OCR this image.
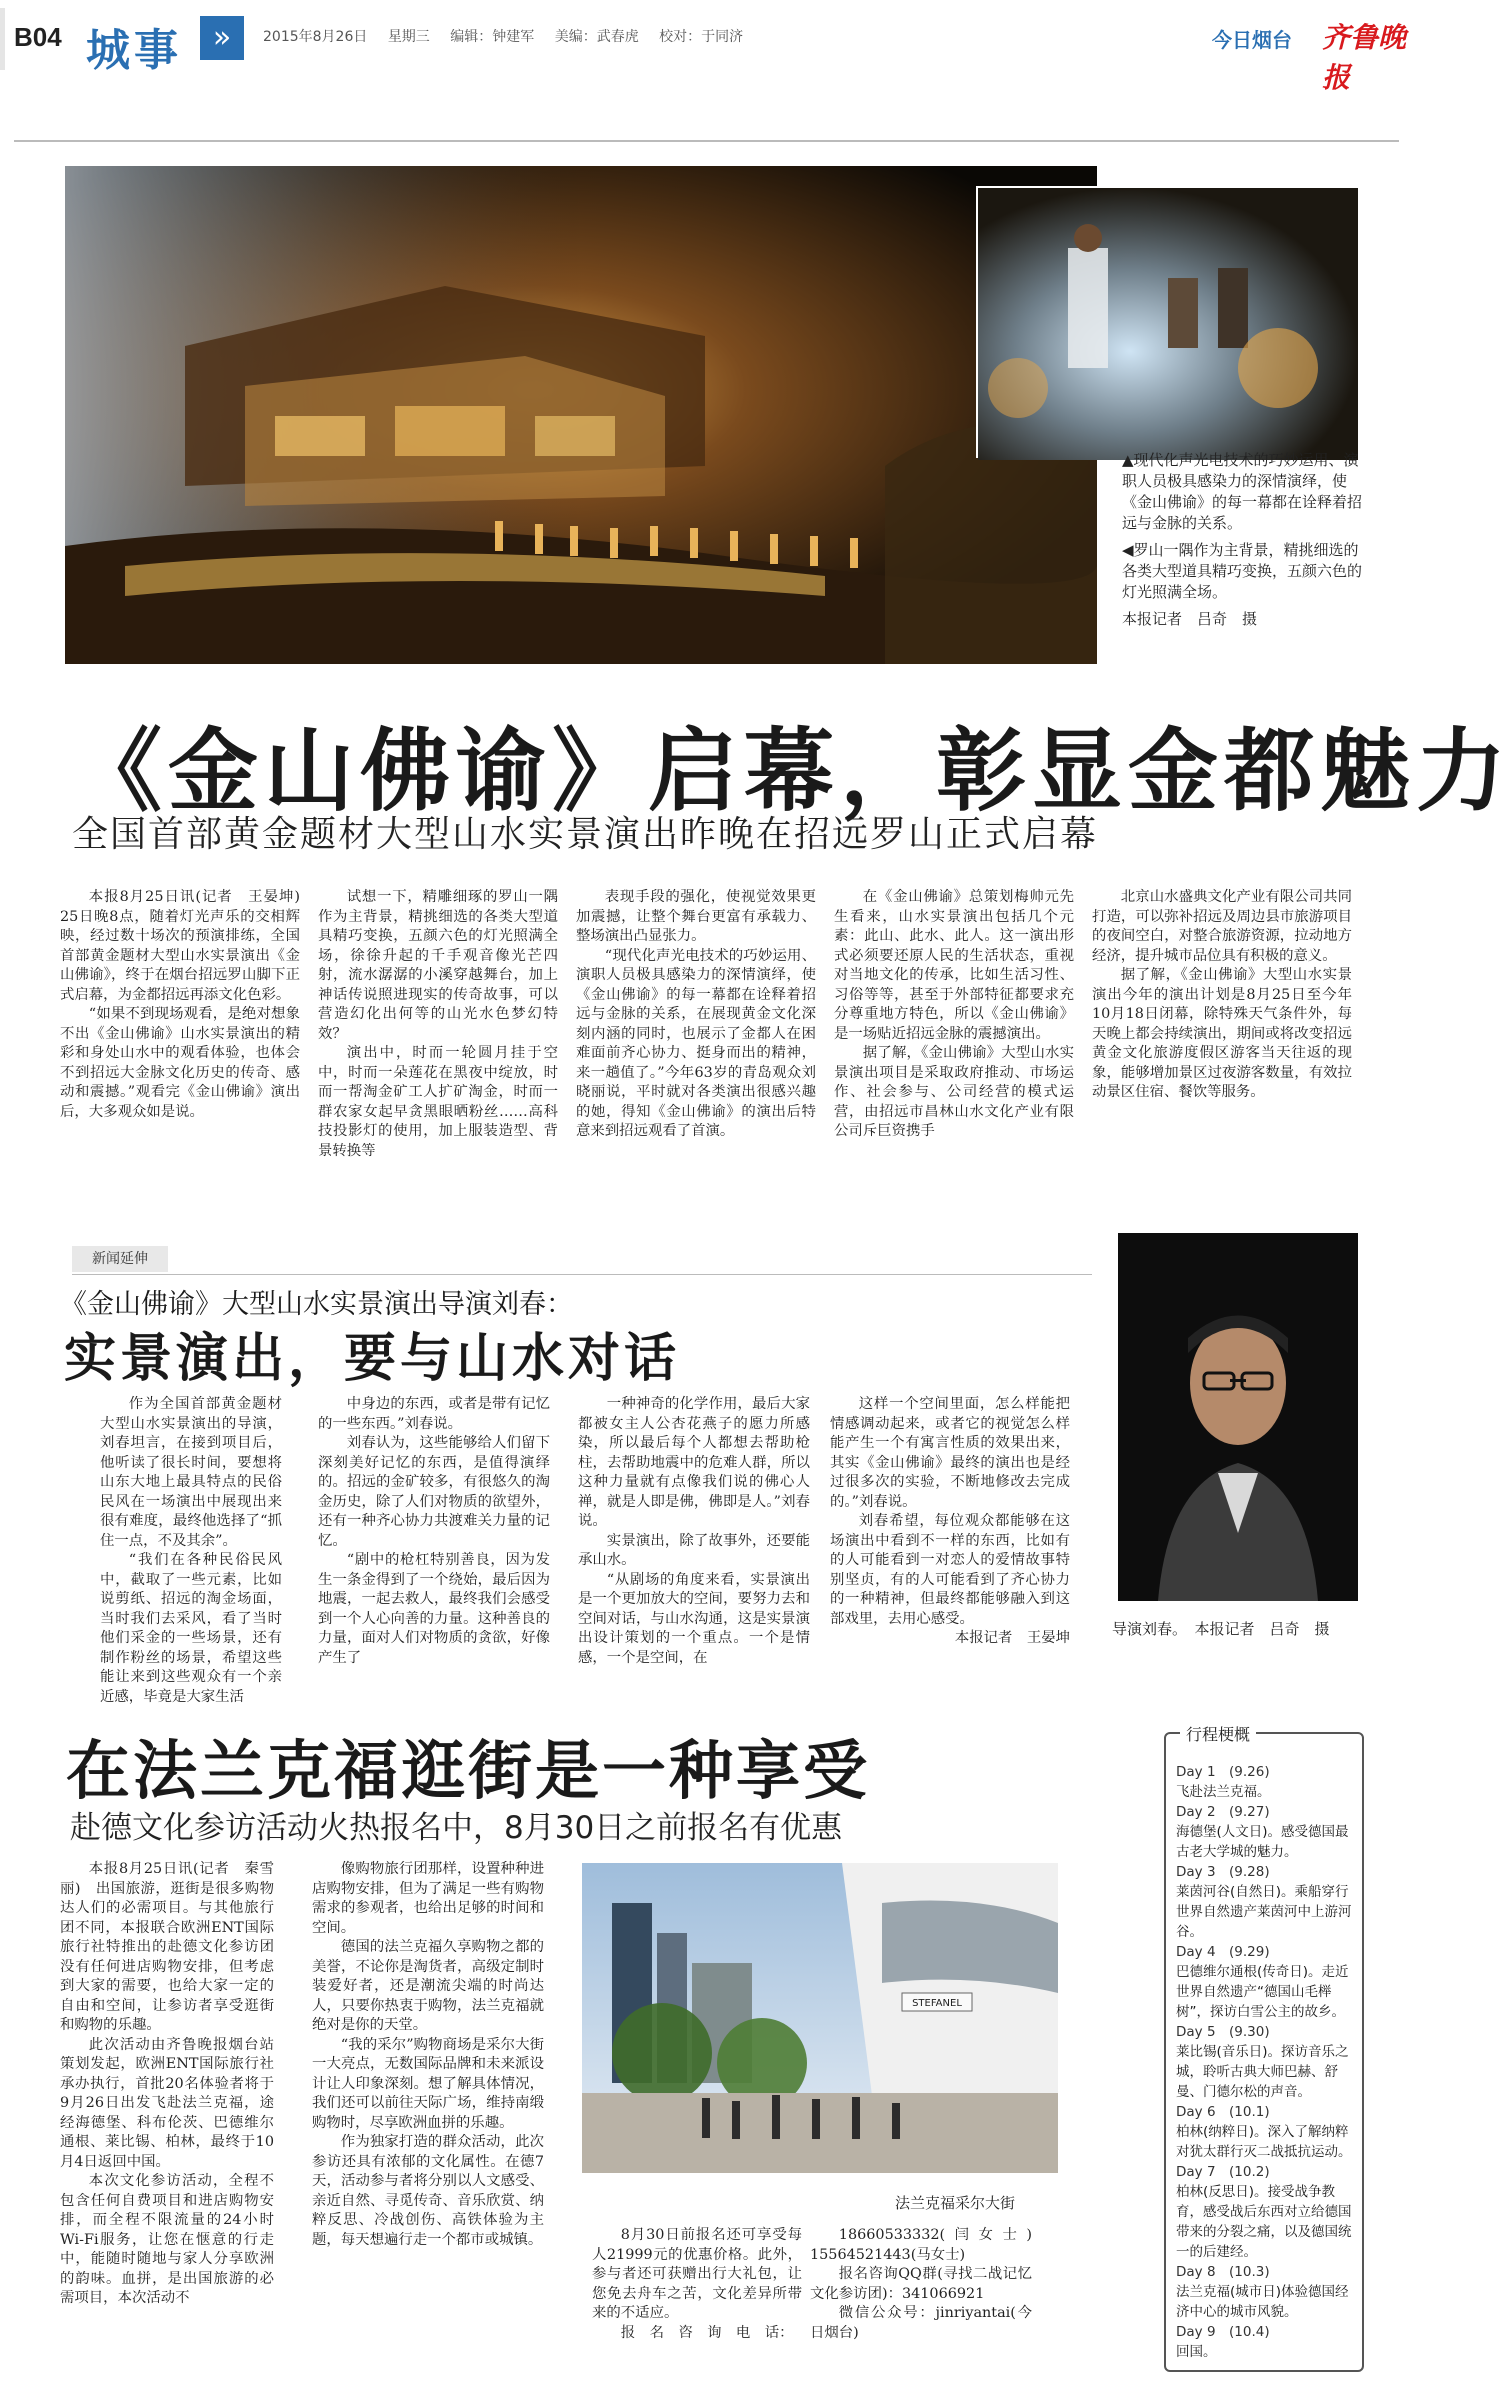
B04 城事	»	2015年8月26日 星期三 编辑：钟建军 美编：武春虎 校对：于同济	今日烟台 齐鲁晚报

▲现代化声光电技术的巧妙运用、演职人员极具感染力的深情演绎，使《金山佛谕》的每一幕都在诠释着招远与金脉的关系。

◀罗山一隅作为主背景，精挑细选的各类大型道具精巧变换，五颜六色的灯光照满全场。

本报记者　吕奇　摄

《金山佛谕》启幕，彰显金都魅力
全国首部黄金题材大型山水实景演出昨晚在招远罗山正式启幕

本报8月25日讯(记者　王晏坤)　25日晚8点，随着灯光声乐的交相辉映，经过数十场次的预演排练，全国首部黄金题材大型山水实景演出《金山佛谕》，终于在烟台招远罗山脚下正式启幕，为金都招远再添文化色彩。

“如果不到现场观看，是绝对想象不出《金山佛谕》山水实景演出的精彩和身处山水中的观看体验，也体会不到招远大金脉文化历史的传奇、感动和震撼。”观看完《金山佛谕》演出后，大多观众如是说。

试想一下，精雕细琢的罗山一隅作为主背景，精挑细选的各类大型道具精巧变换，五颜六色的灯光照满全场，徐徐升起的千手观音像光芒四射，流水潺潺的小溪穿越舞台，加上神话传说照进现实的传奇故事，可以营造幻化出何等的山光水色梦幻特效？

演出中，时而一轮圆月挂于空中，时而一朵莲花在黑夜中绽放，时而一帮淘金矿工人扩矿淘金，时而一群农家女起早贪黑眼晒粉丝……高科技投影灯的使用，加上服装造型、背景转换等

表现手段的强化，使视觉效果更加震撼，让整个舞台更富有承载力、整场演出凸显张力。

“现代化声光电技术的巧妙运用、演职人员极具感染力的深情演绎，使《金山佛谕》的每一幕都在诠释着招远与金脉的关系，在展现黄金文化深刻内涵的同时，也展示了金都人在困难面前齐心协力、挺身而出的精神，来一趟值了。”今年63岁的青岛观众刘晓丽说，平时就对各类演出很感兴趣的她，得知《金山佛谕》的演出后特意来到招远观看了首演。

在《金山佛谕》总策划梅帅元先生看来，山水实景演出包括几个元素：此山、此水、此人。这一演出形式必须要还原人民的生活状态，重视对当地文化的传承，比如生活习性、习俗等等，甚至于外部特征都要求充分尊重地方特色，所以《金山佛谕》是一场贴近招远金脉的震撼演出。

据了解，《金山佛谕》大型山水实景演出项目是采取政府推动、市场运作、社会参与、公司经营的模式运营，由招远市昌林山水文化产业有限公司斥巨资携手

北京山水盛典文化产业有限公司共同打造，可以弥补招远及周边县市旅游项目的夜间空白，对整合旅游资源，拉动地方经济，提升城市品位具有积极的意义。

据了解，《金山佛谕》大型山水实景演出今年的演出计划是8月25日至今年10月18日闭幕，除特殊天气条件外，每天晚上都会持续演出，期间或将改变招远黄金文化旅游度假区游客当天往返的现象，能够增加景区过夜游客数量，有效拉动景区住宿、餐饮等服务。

新闻延伸
《金山佛谕》大型山水实景演出导演刘春：
实景演出，要与山水对话

作为全国首部黄金题材大型山水实景演出的导演，刘春坦言，在接到项目后，他听读了很长时间，要想将山东大地上最具特点的民俗民风在一场演出中展现出来很有难度，最终他选择了“抓住一点，不及其余”。

“我们在各种民俗民风中，截取了一些元素，比如说剪纸、招远的淘金场面，当时我们去采风，看了当时他们采金的一些场景，还有制作粉丝的场景，希望这些能让来到这些观众有一个亲近感，毕竟是大家生活

中身边的东西，或者是带有记忆的一些东西。”刘春说。

刘春认为，这些能够给人们留下深刻美好记忆的东西，是值得演绎的。招远的金矿较多，有很悠久的淘金历史，除了人们对物质的欲望外，还有一种齐心协力共渡难关力量的记忆。

“剧中的枪杠特别善良，因为发生一条金得到了一个绕始，最后因为地震，一起去救人，最终我们会感受到一个人心向善的力量。这种善良的力量，面对人们对物质的贪欲，好像产生了

一种神奇的化学作用，最后大家都被女主人公杏花燕子的愿力所感染，所以最后每个人都想去帮助枪柱，去帮助地震中的危难人群，所以这种力量就有点像我们说的佛心人禅，就是人即是佛，佛即是人。”刘春说。

实景演出，除了故事外，还要能承山水。

“从剧场的角度来看，实景演出是一个更加放大的空间，要努力去和空间对话，与山水沟通，这是实景演出设计策划的一个重点。一个是情感，一个是空间，在

这样一个空间里面，怎么样能把情感调动起来，或者它的视觉怎么样能产生一个有寓言性质的效果出来，其实《金山佛谕》最终的演出也是经过很多次的实验，不断地修改去完成的。”刘春说。

刘春希望，每位观众都能够在这场演出中看到不一样的东西，比如有的人可能看到一对恋人的爱情故事特别坚贞，有的人可能看到了齐心协力的一种精神，但最终都能够融入到这部戏里，去用心感受。

本报记者　王晏坤	导演刘春。　本报记者　吕奇　摄
在法兰克福逛街是一种享受
赴德文化参访活动火热报名中，8月30日之前报名有优惠

本报8月25日讯(记者　秦雪丽)　出国旅游，逛街是很多购物达人们的必需项目。与其他旅行团不同，本报联合欧洲ENT国际旅行社特推出的赴德文化参访团没有任何进店购物安排，但考虑到大家的需要，也给大家一定的自由和空间，让参访者享受逛街和购物的乐趣。

此次活动由齐鲁晚报烟台站策划发起，欧洲ENT国际旅行社承办执行，首批20名体验者将于9月26日出发飞赴法兰克福，途经海德堡、科布伦茨、巴德维尔通根、莱比锡、柏林，最终于10月4日返回中国。

本次文化参访活动，全程不包含任何自费项目和进店购物安排，而全程不限流量的24小时Wi-Fi服务，让您在惬意的行走中，能随时随地与家人分享欧洲的韵味。血拼，是出国旅游的必需项目，本次活动不

像购物旅行团那样，设置种种进店购物安排，但为了满足一些有购物需求的参观者，也给出足够的时间和空间。

德国的法兰克福久享购物之都的美誉，不论你是淘货者，高级定制时装爱好者，还是潮流尖端的时尚达人，只要你热衷于购物，法兰克福就绝对是你的天堂。

“我的采尔”购物商场是采尔大街一大亮点，无数国际品牌和未来派设计让人印象深刻。想了解具体情况，我们还可以前往天际广场，维持南缎购物时，尽享欧洲血拼的乐趣。

作为独家打造的群众活动，此次参访还具有浓郁的文化属性。在德7天，活动参与者将分别以人文感受、亲近自然、寻觅传奇、音乐欣赏、纳粹反思、冷战创伤、高铁体验为主题，每天想遍行走一个都市或城镇。

STEFANEL
法兰克福采尔大街

8月30日前报名还可享受每人21999元的优惠价格。此外，参与者还可获赠出行大礼包，让您免去舟车之苦，文化差异所带来的不适应。

报　名　咨　询　电　话：

18660533332(闫女士)　15564521443(马女士)

报名咨询QQ群(寻找二战记忆文化参访团)：341066921

微信公众号：jinriyantai(今日烟台)

行程梗概
Day 1　(9.26)
飞赴法兰克福。
Day 2　(9.27)
海德堡(人文日)。感受德国最古老大学城的魅力。
Day 3　(9.28)
莱茵河谷(自然日)。乘船穿行世界自然遗产莱茵河中上游河谷。
Day 4　(9.29)
巴德维尔通根(传奇日)。走近世界自然遗产“德国山毛榉树”，探访白雪公主的故乡。
Day 5　(9.30)
莱比锡(音乐日)。探访音乐之城，聆听古典大师巴赫、舒曼、门德尔松的声音。
Day 6　(10.1)
柏林(纳粹日)。深入了解纳粹对犹太群行灭二战抵抗运动。
Day 7　(10.2)
柏林(反思日)。接受战争教育，感受战后东西对立给德国带来的分裂之痛，以及德国统一的后建经。
Day 8　(10.3)
法兰克福(城市日)体验德国经济中心的城市风貌。
Day 9　(10.4)
回国。
